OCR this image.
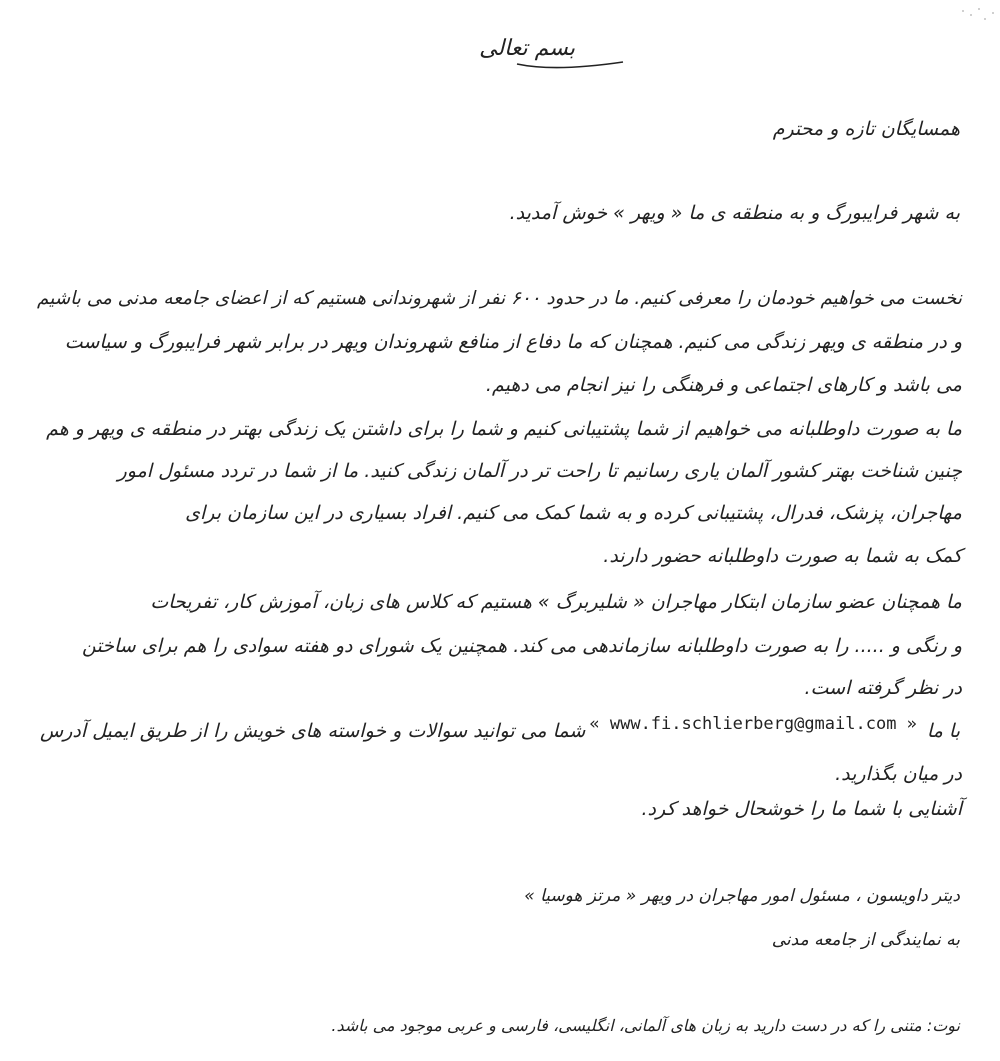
بسم تعالی
همسایگان تازه و محترم
به شهر فرایبورگ و به منطقه ی ما « ویهر » خوش آمدید.
نخست می خواهیم خودمان را معرفی کنیم. ما در حدود ۶۰۰ نفر از شهروندانی هستیم که از اعضای جامعه مدنی می باشیم
و در منطقه ی ویهر زندگی می کنیم. همچنان که ما دفاع از منافع شهروندان ویهر در برابر شهر فرایبورگ و سیاست
می باشد و کارهای اجتماعی و فرهنگی را نیز انجام می دهیم.
ما به صورت داوطلبانه می خواهیم از شما پشتیبانی کنیم و شما را برای داشتن یک زندگی بهتر در منطقه ی ویهر و هم
چنین شناخت بهتر کشور آلمان یاری رسانیم تا راحت تر در آلمان زندگی کنید. ما از شما در تردد مسئول امور
مهاجران، پزشک، فدرال، پشتیبانی کرده و به شما کمک می کنیم. افراد بسیاری در این سازمان برای
کمک به شما به صورت داوطلبانه حضور دارند.
ما همچنان عضو سازمان ابتکار مهاجران « شلیربرگ » هستیم که کلاس های زبان، آموزش کار، تفریحات
و رنگی و ..... را به صورت داوطلبانه سازماندهی می کند. همچنین یک شورای دو هفته سوادی را هم برای ساختن
در نظر گرفته است.
با ما
« www.fi.schlierberg@gmail.com »
شما می توانید سوالات و خواسته های خویش را از طریق ایمیل آدرس
در میان بگذارید.
آشنایی با شما ما را خوشحال خواهد کرد.
دیتر داویسون ، مسئول امور مهاجران در ویهر « مرتز هوسیا »
به نمایندگی از جامعه مدنی
نوت: متنی را که در دست دارید به زبان های آلمانی، انگلیسی، فارسی و عربی موجود می باشد.
